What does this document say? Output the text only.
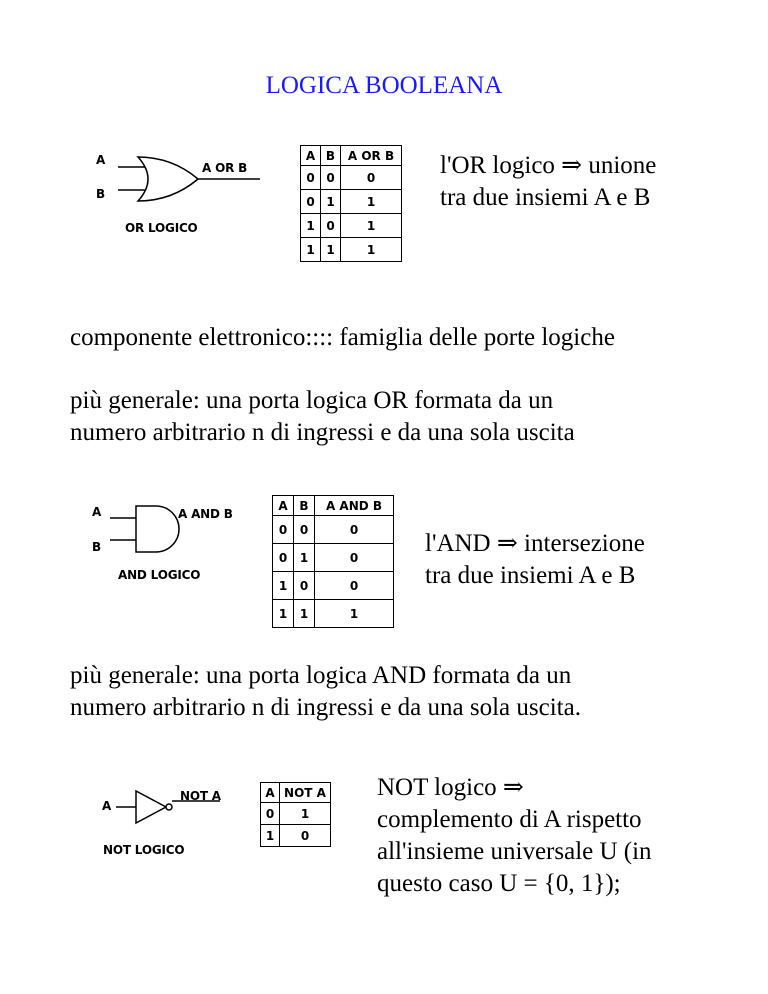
LOGICA BOOLEANA
A
B
A OR B
OR LOGICO
A	B	A OR B
0	0	0
0	1	1
1	0	1
1	1	1
l'OR logico ⇒ unione
tra due insiemi A e B
componente elettronico:::: famiglia delle porte logiche
più generale: una porta logica OR formata da un
numero arbitrario n di ingressi e da una sola uscita
A
B
A AND B
AND LOGICO
A	B	A AND B
0	0	0
0	1	0
1	0	0
1	1	1
l'AND ⇒ intersezione
tra due insiemi A e B
più generale: una porta logica AND formata da un
numero arbitrario n di ingressi e da una sola uscita.
A
NOT A
NOT LOGICO
A	NOT A
0	1
1	0
NOT logico ⇒
complemento di A rispetto
all'insieme universale U (in
questo caso U = {0, 1});
